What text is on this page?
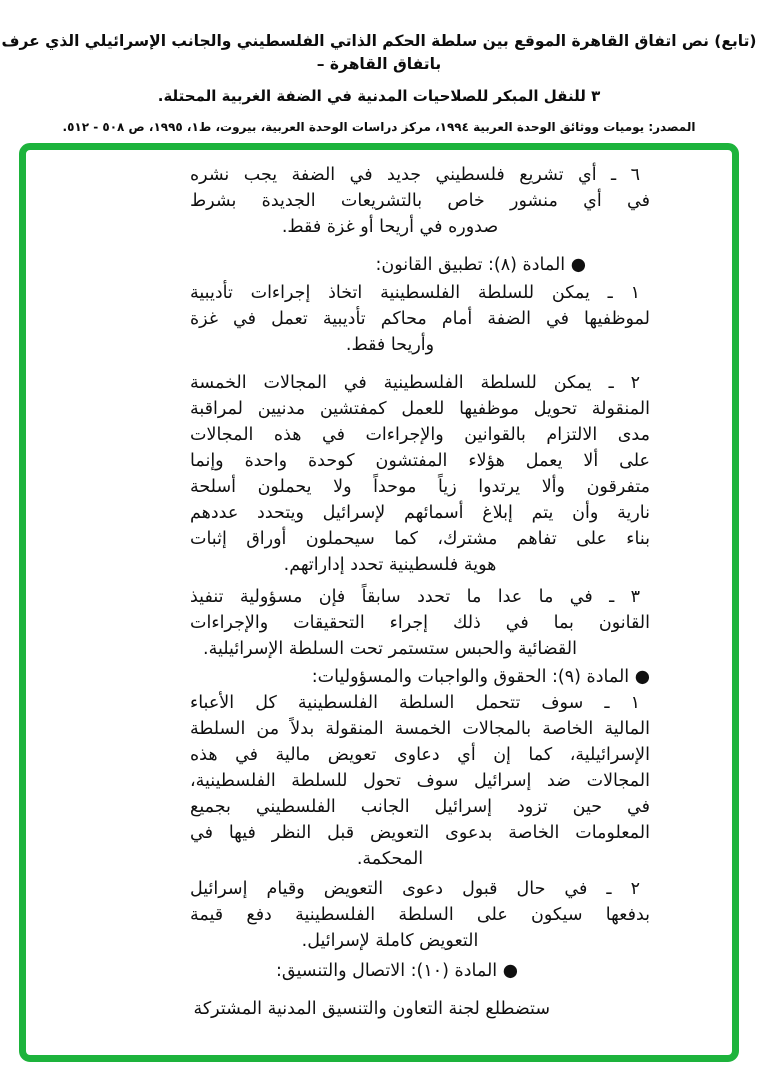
(تابع) نص اتفاق القاهرة الموقع بين سلطة الحكم الذاتي الفلسطيني والجانب الإسرائيلي الذي عرف باتفاق القاهرة –
٣ للنقل المبكر للصلاحيات المدنية في الضفة الغربية المحتلة.
المصدر: يوميات ووثائق الوحدة العربية ١٩٩٤، مركز دراسات الوحدة العربية، بيروت، ط١، ١٩٩٥، ص ٥٠٨ - ٥١٢.
٦ ـ أي تشريع فلسطيني جديد في الضفة يجب نشره
في أي منشور خاص بالتشريعات الجديدة بشرط
صدوره في أريحا أو غزة فقط.
● المادة (٨): تطبيق القانون:
١ ـ يمكن للسلطة الفلسطينية اتخاذ إجراءات تأديبية
لموظفيها في الضفة أمام محاكم تأديبية تعمل في غزة
وأريحا فقط.
٢ ـ يمكن للسلطة الفلسطينية في المجالات الخمسة
المنقولة تحويل موظفيها للعمل كمفتشين مدنيين لمراقبة
مدى الالتزام بالقوانين والإجراءات في هذه المجالات
على ألا يعمل هؤلاء المفتشون كوحدة واحدة وإنما
متفرقون وألا يرتدوا زياً موحداً ولا يحملون أسلحة
نارية وأن يتم إبلاغ أسمائهم لإسرائيل ويتحدد عددهم
بناء على تفاهم مشترك، كما سيحملون أوراق إثبات
هوية فلسطينية تحدد إداراتهم.
٣ ـ في ما عدا ما تحدد سابقاً فإن مسؤولية تنفيذ
القانون بما في ذلك إجراء التحقيقات والإجراءات
القضائية والحبس ستستمر تحت السلطة الإسرائيلية.
● المادة (٩): الحقوق والواجبات والمسؤوليات:
١ ـ سوف تتحمل السلطة الفلسطينية كل الأعباء
المالية الخاصة بالمجالات الخمسة المنقولة بدلاً من السلطة
الإسرائيلية، كما إن أي دعاوى تعويض مالية في هذه
المجالات ضد إسرائيل سوف تحول للسلطة الفلسطينية،
في حين تزود إسرائيل الجانب الفلسطيني بجميع
المعلومات الخاصة بدعوى التعويض قبل النظر فيها في
المحكمة.
٢ ـ في حال قبول دعوى التعويض وقيام إسرائيل
بدفعها سيكون على السلطة الفلسطينية دفع قيمة
التعويض كاملة لإسرائيل.
● المادة (١٠): الاتصال والتنسيق:
ستضطلع لجنة التعاون والتنسيق المدنية المشتركة
